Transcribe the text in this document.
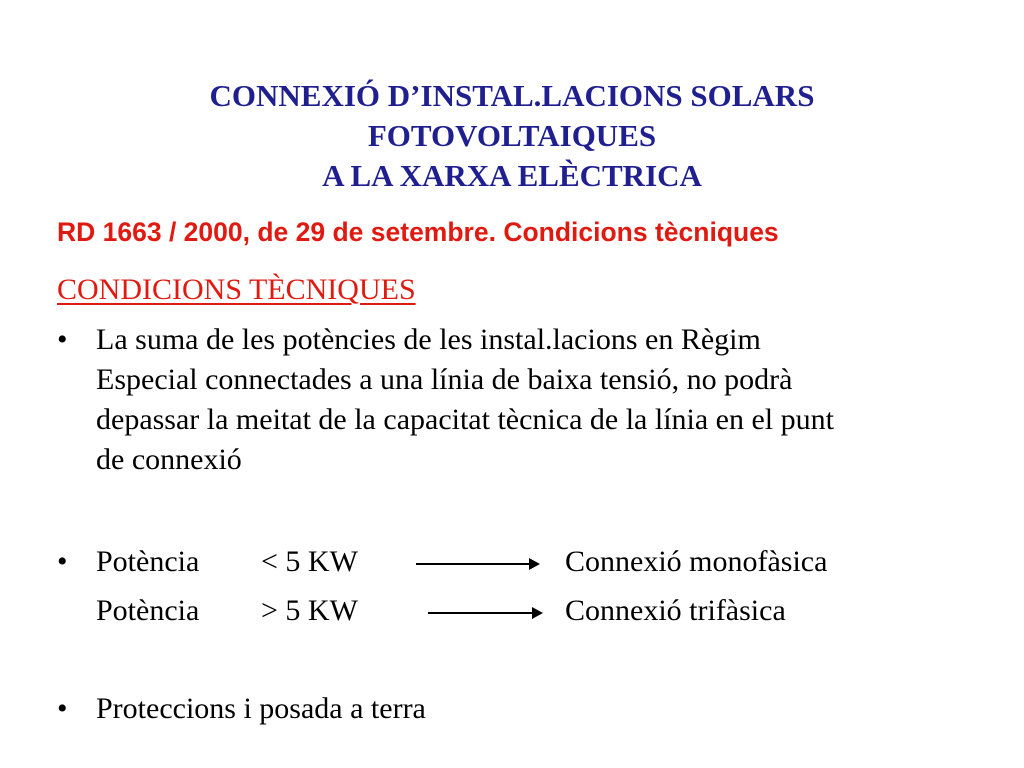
CONNEXIÓ D’INSTAL.LACIONS SOLARS
FOTOVOLTAIQUES
A LA XARXA ELÈCTRICA
RD 1663 / 2000, de 29 de setembre. Condicions tècniques
CONDICIONS TÈCNIQUES
• La suma de les potències de les instal.lacions en Règim
Especial connectades a una línia de baixa tensió, no podrà
depassar la meitat de la capacitat tècnica de la línia en el punt
de connexió
• Potència < 5 KW	Connexió monofàsica
Potència > 5 KW	Connexió trifàsica
• Proteccions i posada a terra
